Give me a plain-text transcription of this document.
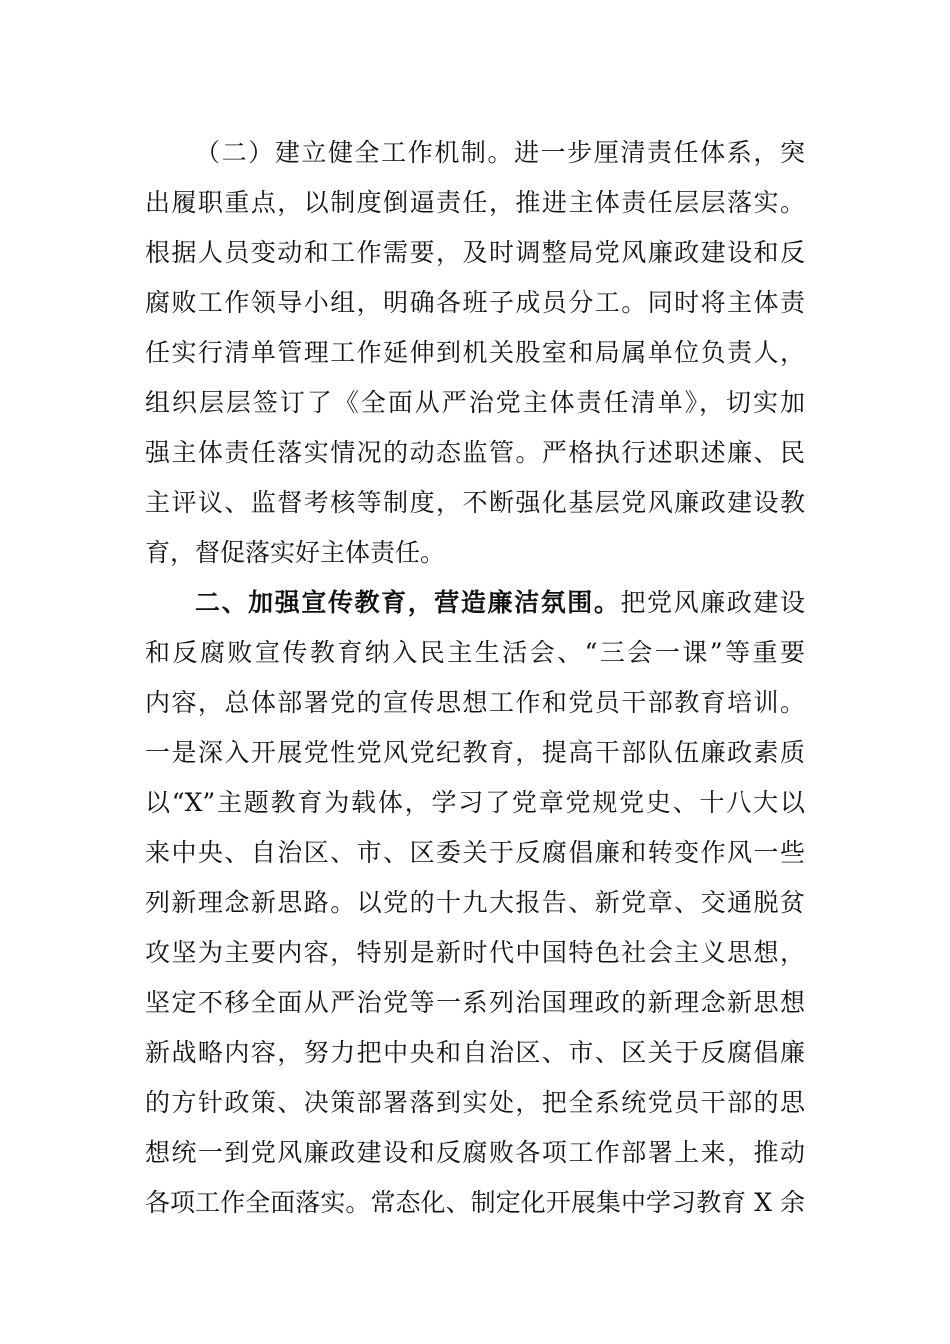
（二）建立健全工作机制。进一步厘清责任体系，突
出履职重点，以制度倒逼责任，推进主体责任层层落实。
根据人员变动和工作需要，及时调整局党风廉政建设和反
腐败工作领导小组，明确各班子成员分工。同时将主体责
任实行清单管理工作延伸到机关股室和局属单位负责人，
组织层层签订了《全面从严治党主体责任清单》，切实加
强主体责任落实情况的动态监管。严格执行述职述廉、民
主评议、监督考核等制度，不断强化基层党风廉政建设教
育，督促落实好主体责任。
二、加强宣传教育，营造廉洁氛围。把党风廉政建设
和反腐败宣传教育纳入民主生活会、“三会一课”等重要
内容，总体部署党的宣传思想工作和党员干部教育培训。
一是深入开展党性党风党纪教育，提高干部队伍廉政素质
以“X”主题教育为载体，学习了党章党规党史、十八大以
来中央、自治区、市、区委关于反腐倡廉和转变作风一些
列新理念新思路。以党的十九大报告、新党章、交通脱贫
攻坚为主要内容，特别是新时代中国特色社会主义思想，
坚定不移全面从严治党等一系列治国理政的新理念新思想
新战略内容，努力把中央和自治区、市、区关于反腐倡廉
的方针政策、决策部署落到实处，把全系统党员干部的思
想统一到党风廉政建设和反腐败各项工作部署上来，推动
各项工作全面落实。常态化、制定化开展集中学习教育 X 余
